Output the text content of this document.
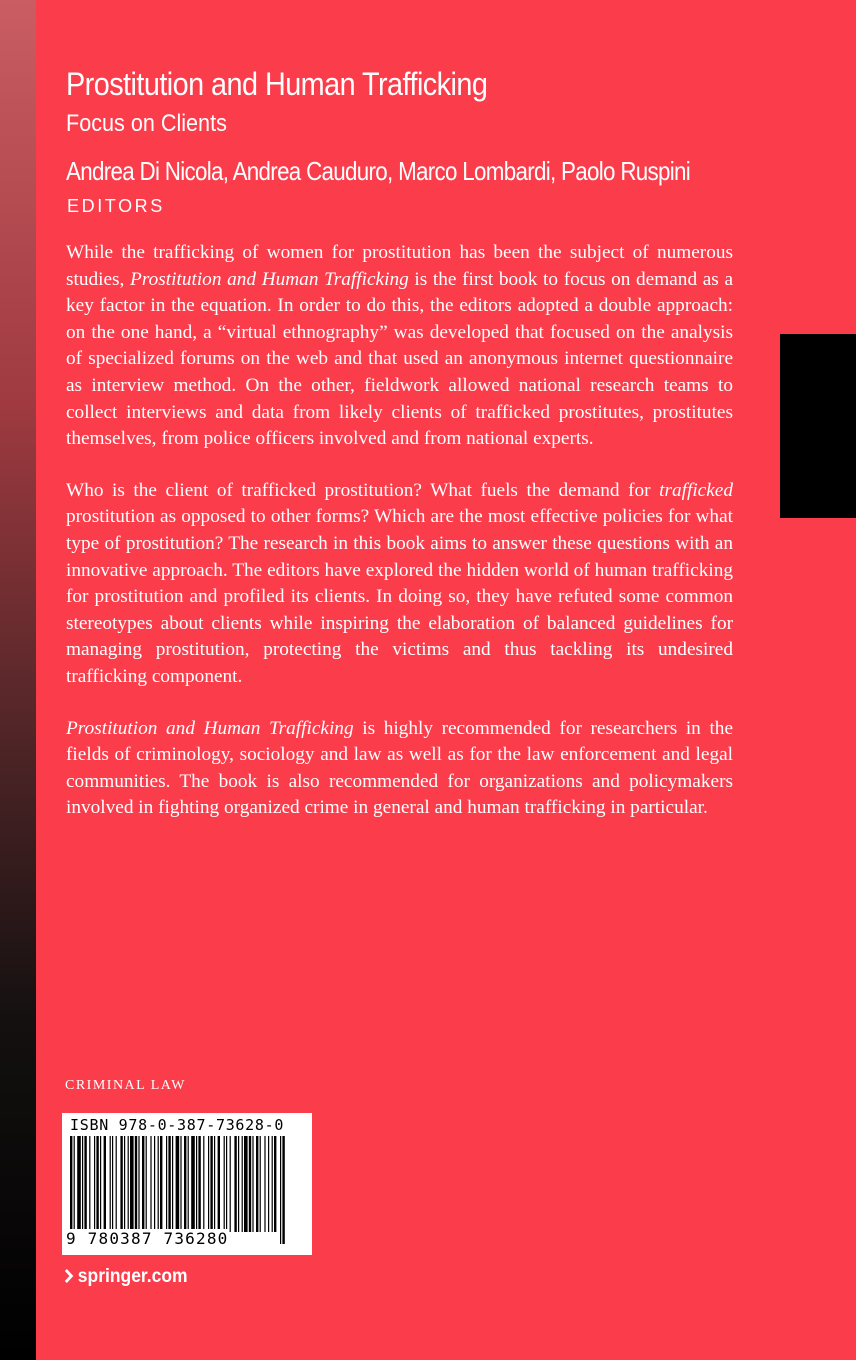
Prostitution and Human Trafficking
Focus on Clients
Andrea Di Nicola, Andrea Cauduro, Marco Lombardi, Paolo Ruspini
EDITORS

While the trafficking of women for prostitution has been the subject of numerous studies, Prostitution and Human Trafficking is the first book to focus on demand as a key factor in the equation. In order to do this, the editors adopted a double approach: on the one hand, a “virtual ethnography” was developed that focused on the analysis of specialized forums on the web and that used an anonymous internet questionnaire as interview method. On the other, fieldwork allowed national research teams to collect interviews and data from likely clients of trafficked prostitutes, prostitutes themselves, from police officers involved and from national experts.

Who is the client of trafficked prostitution? What fuels the demand for trafficked prostitution as opposed to other forms? Which are the most effective policies for what type of prostitution? The research in this book aims to answer these questions with an innovative approach. The editors have explored the hidden world of human trafficking for prostitution and profiled its clients. In doing so, they have refuted some common stereotypes about clients while inspiring the elaboration of balanced guidelines for managing prostitution, protecting the victims and thus tackling its undesired trafficking component.

Prostitution and Human Trafficking is highly recommended for researchers in the fields of criminology, sociology and law as well as for the law enforcement and legal communities. The book is also recommended for organizations and policymakers involved in fighting organized crime in general and human trafficking in particular.

CRIMINAL LAW
ISBN 978-0-387-73628-0
9 780387 736280
springer.com
